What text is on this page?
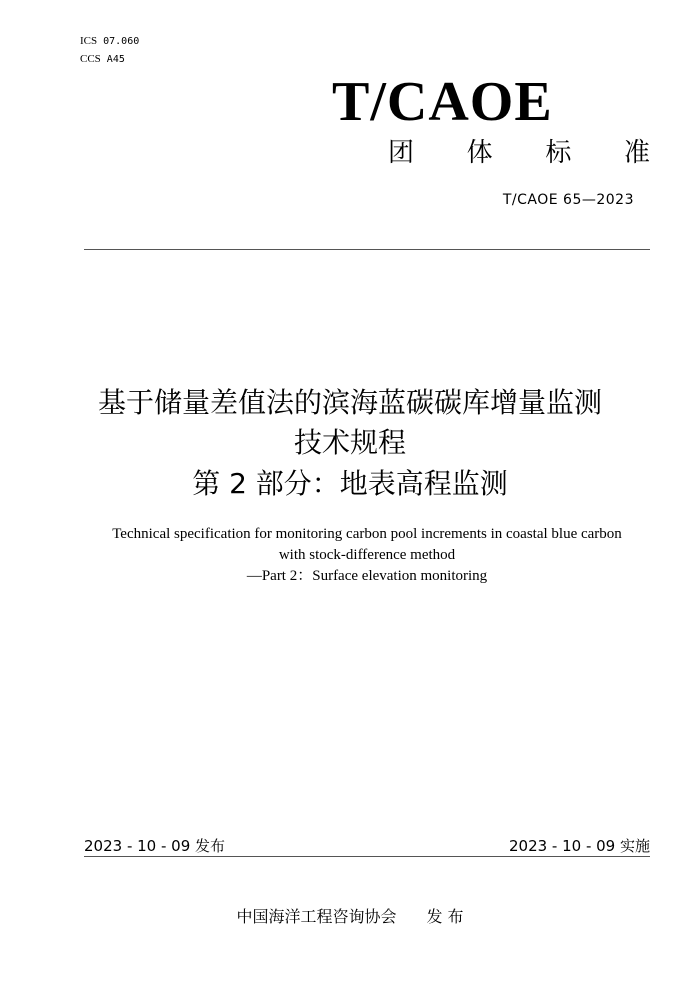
ICS 07.060
CCS A45
T/CAOE
团 体 标 准
T/CAOE 65—2023
基于储量差值法的滨海蓝碳碳库增量监测
技术规程
第 2 部分：地表高程监测
Technical specification for monitoring carbon pool increments in coastal blue carbon
with stock-difference method
—Part 2：Surface elevation monitoring
2023 - 10 - 09 发布	2023 - 10 - 09 实施
中国海洋工程咨询协会 发 布
